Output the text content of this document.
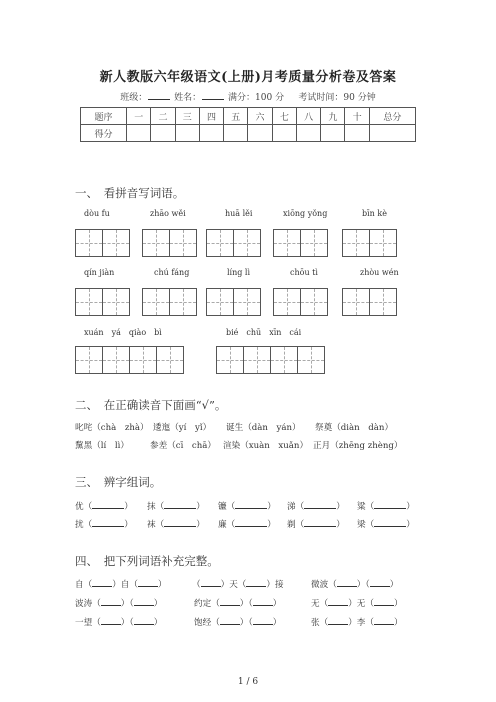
新人教版六年级语文(上册)月考质量分析卷及答案
班级：	姓名：	满分：100 分 考试时间：90 分钟
题序	一	二	三	四	五	六	七	八	九	十	总分
得分											
一、　看拼音写词语。
dòu fu	zhāo wěi	huā lěi	xiōng yǒng	bīn kè
qín jiàn	chú fáng	líng lì	chōu tì	zhòu wén
xuán　yá　qiào　bì	bié　chū　xīn　cái
二、　在正确读音下面画“√”。
叱咤（chà　zhà） 逶迤（yí　yǐ） 诞生（dàn　yán） 祭奠（diàn　dàn）
黧黑（lí　lì） 参差（cī　chā） 渲染（xuàn　xuǎn） 正月（zhēng zhèng）
三、　辨字组词。
优（	） 抹（	） 镰（	） 涕（	） 粱（	）
扰（	） 袜（	） 廉（	） 剃（	） 梁（	）
四、　把下列词语补充完整。
自（ ）自（ ）	（ ）天（ ）接	微波（ ）（ ）
波涛（ ）（ ）	约定（ ）（ ）	无（ ）无（ ）
一望（ ）（ ）	饱经（ ）（ ）	张（ ）李（ ）
1 / 6
